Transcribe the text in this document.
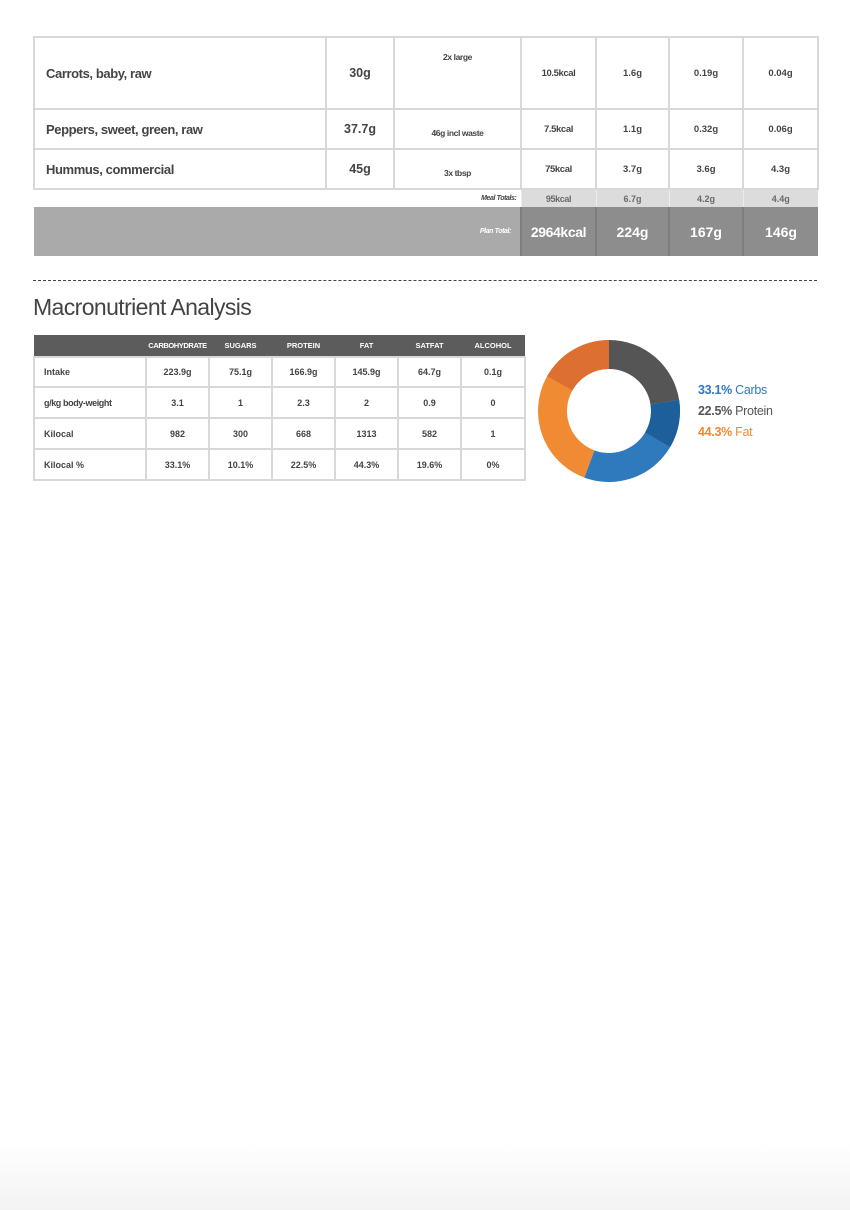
Carrots, baby, raw	30g	2x large	10.5kcal	1.6g	0.19g	0.04g
Peppers, sweet, green, raw	37.7g	46g incl waste	7.5kcal	1.1g	0.32g	0.06g
Hummus, commercial	45g	3x tbsp	75kcal	3.7g	3.6g	4.3g
Meal Totals:			95kcal	6.7g	4.2g	4.4g
Plan Total:			2964kcal	224g	167g	146g
Macronutrient Analysis
	CARBOHYDRATE	SUGARS	PROTEIN	FAT	SATFAT	ALCOHOL
Intake	223.9g	75.1g	166.9g	145.9g	64.7g	0.1g
g/kg body-weight	3.1	1	2.3	2	0.9	0
Kilocal	982	300	668	1313	582	1
Kilocal %	33.1%	10.1%	22.5%	44.3%	19.6%	0%
33.1% Carbs
22.5% Protein
44.3% Fat
